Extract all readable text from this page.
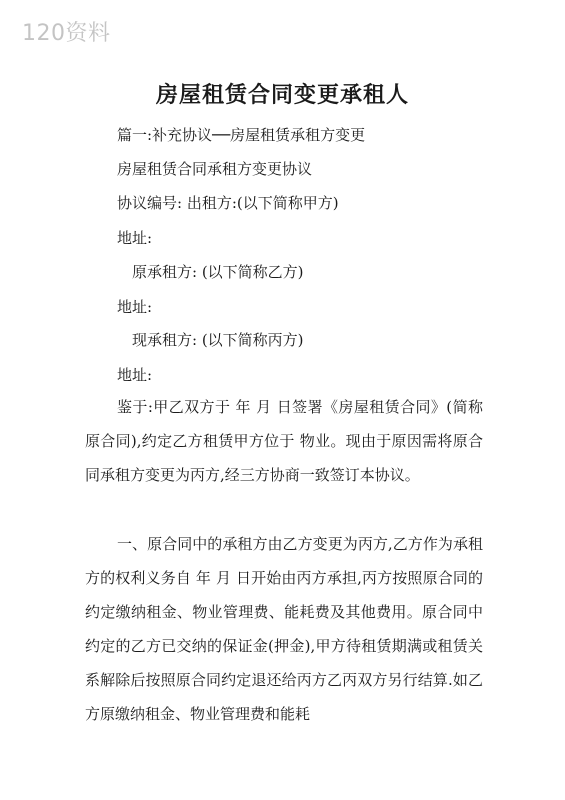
120资料
房屋租赁合同变更承租人
篇一:补充协议──房屋租赁承租方变更
房屋租赁合同承租方变更协议
协议编号: 出租方:(以下简称甲方)
地址:
原承租方: (以下简称乙方)
地址:
现承租方: (以下简称丙方)
地址:

鉴于:甲乙双方于 年 月 日签署《房屋租赁合同》(简称原合同),约定乙方租赁甲方位于 物业。现由于原因需将原合同承租方变更为丙方,经三方协商一致签订本协议。

一、原合同中的承租方由乙方变更为丙方,乙方作为承租方的权利义务自 年 月 日开始由丙方承担,丙方按照原合同的约定缴纳租金、物业管理费、能耗费及其他费用。原合同中约定的乙方已交纳的保证金(押金),甲方待租赁期满或租赁关系解除后按照原合同约定退还给丙方乙丙双方另行结算.如乙方原缴纳租金、物业管理费和能耗
